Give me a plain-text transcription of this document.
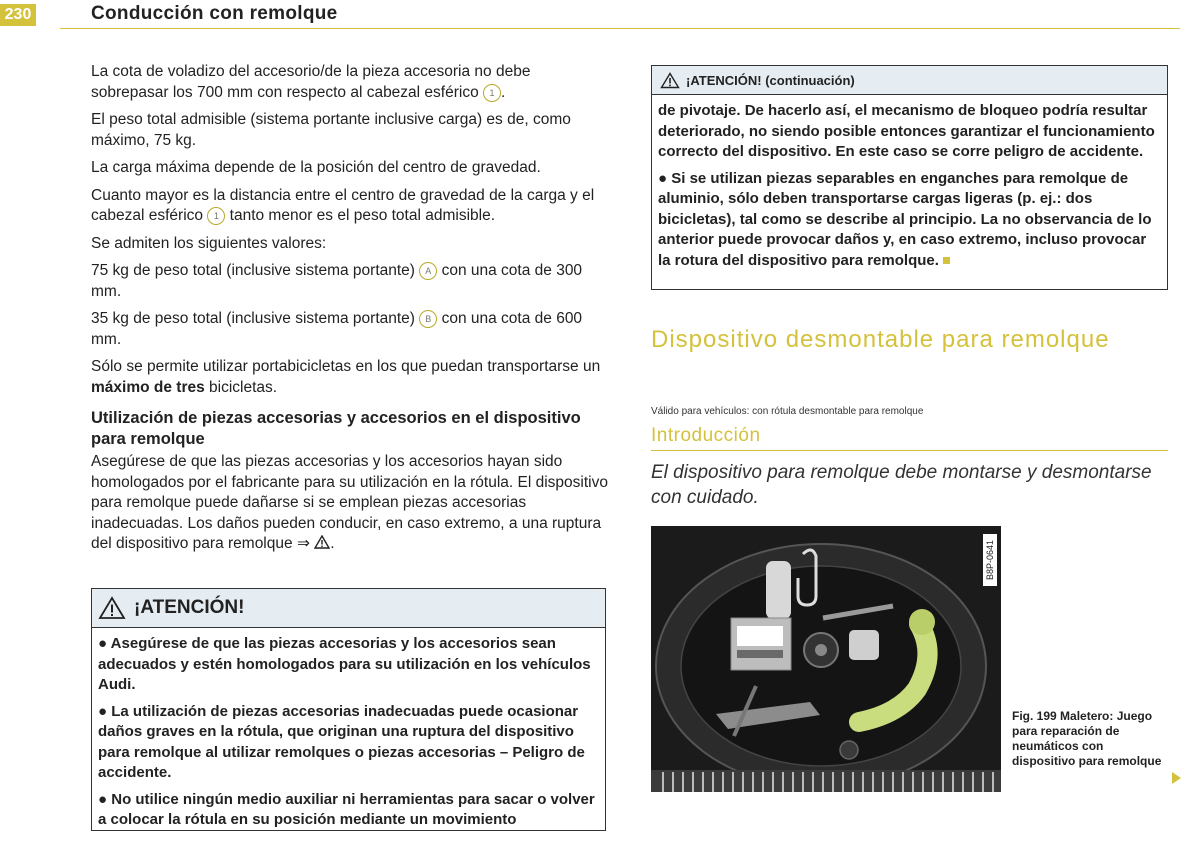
230	Conducción con remolque

La cota de voladizo del accesorio/de la pieza accesoria no debe sobrepasar los 700 mm con respecto al cabezal esférico 1 .

El peso total admisible (sistema portante inclusive carga) es de, como máximo, 75 kg.

La carga máxima depende de la posición del centro de gravedad.

Cuanto mayor es la distancia entre el centro de gravedad de la carga y el cabezal esférico 1 tanto menor es el peso total admisible.

Se admiten los siguientes valores:

75 kg de peso total (inclusive sistema portante) A con una cota de 300 mm.

35 kg de peso total (inclusive sistema portante) B con una cota de 600 mm.

Sólo se permite utilizar portabicicletas en los que puedan transportarse un máximo de tres bicicletas.

Utilización de piezas accesorias y accesorios en el dispositivo para remolque

Asegúrese de que las piezas accesorias y los accesorios hayan sido homologados por el fabricante para su utilización en la rótula. El dispositivo para remolque puede dañarse si se emplean piezas accesorias inadecuadas. Los daños pueden conducir, en caso extremo, a una ruptura del dispositivo para remolque ⇒ .

¡ATENCIÓN!

● Asegúrese de que las piezas accesorias y los accesorios sean adecuados y estén homologados para su utilización en los vehículos Audi.

● La utilización de piezas accesorias inadecuadas puede ocasionar daños graves en la rótula, que originan una ruptura del dispositivo para remolque al utilizar remolques o piezas accesorias – Peligro de accidente.

● No utilice ningún medio auxiliar ni herramientas para sacar o volver a colocar la rótula en su posición mediante un movimiento

¡ATENCIÓN! (continuación)

de pivotaje. De hacerlo así, el mecanismo de bloqueo podría resultar deteriorado, no siendo posible entonces garantizar el funcionamiento correcto del dispositivo. En este caso se corre peligro de accidente.

● Si se utilizan piezas separables en enganches para remolque de aluminio, sólo deben transportarse cargas ligeras (p. ej.: dos bicicletas), tal como se describe al principio. La no observancia de lo anterior puede provocar daños y, en caso extremo, incluso provocar la rotura del dispositivo para remolque.

Dispositivo desmontable para remolque
Válido para vehículos: con rótula desmontable para remolque
Introducción
El dispositivo para remolque debe montarse y desmontarse con cuidado.
B8P-0641
Fig. 199 Maletero: Juego para reparación de neumáticos con dispositivo para remolque
